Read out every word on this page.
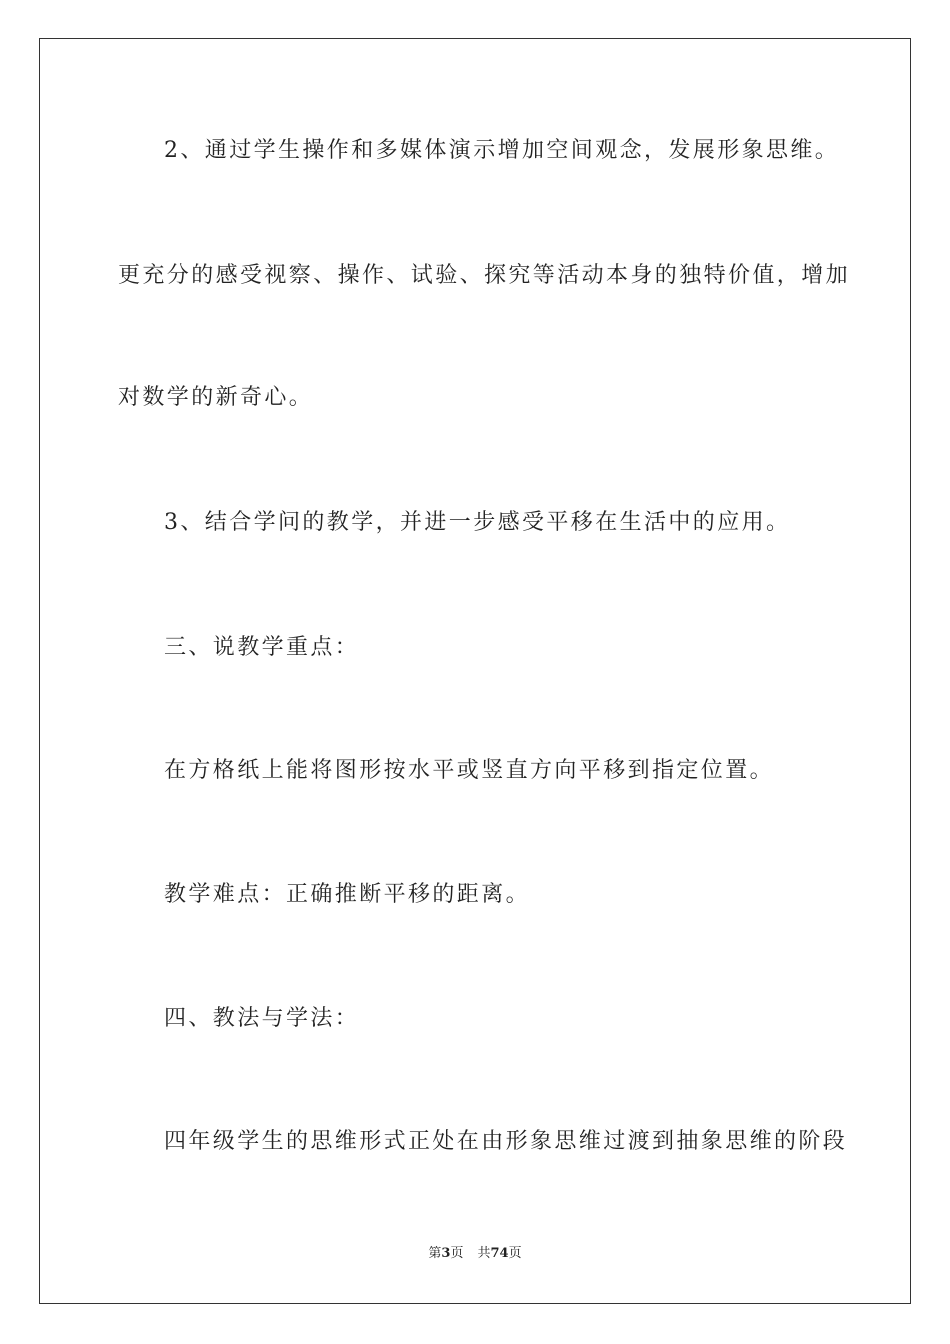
2、通过学生操作和多媒体演示增加空间观念，发展形象思维。
更充分的感受视察、操作、试验、探究等活动本身的独特价值，增加
对数学的新奇心。
3、结合学问的教学，并进一步感受平移在生活中的应用。
三、说教学重点：
在方格纸上能将图形按水平或竖直方向平移到指定位置。
教学难点：正确推断平移的距离。
四、教法与学法：
四年级学生的思维形式正处在由形象思维过渡到抽象思维的阶段
第3页 共74页
